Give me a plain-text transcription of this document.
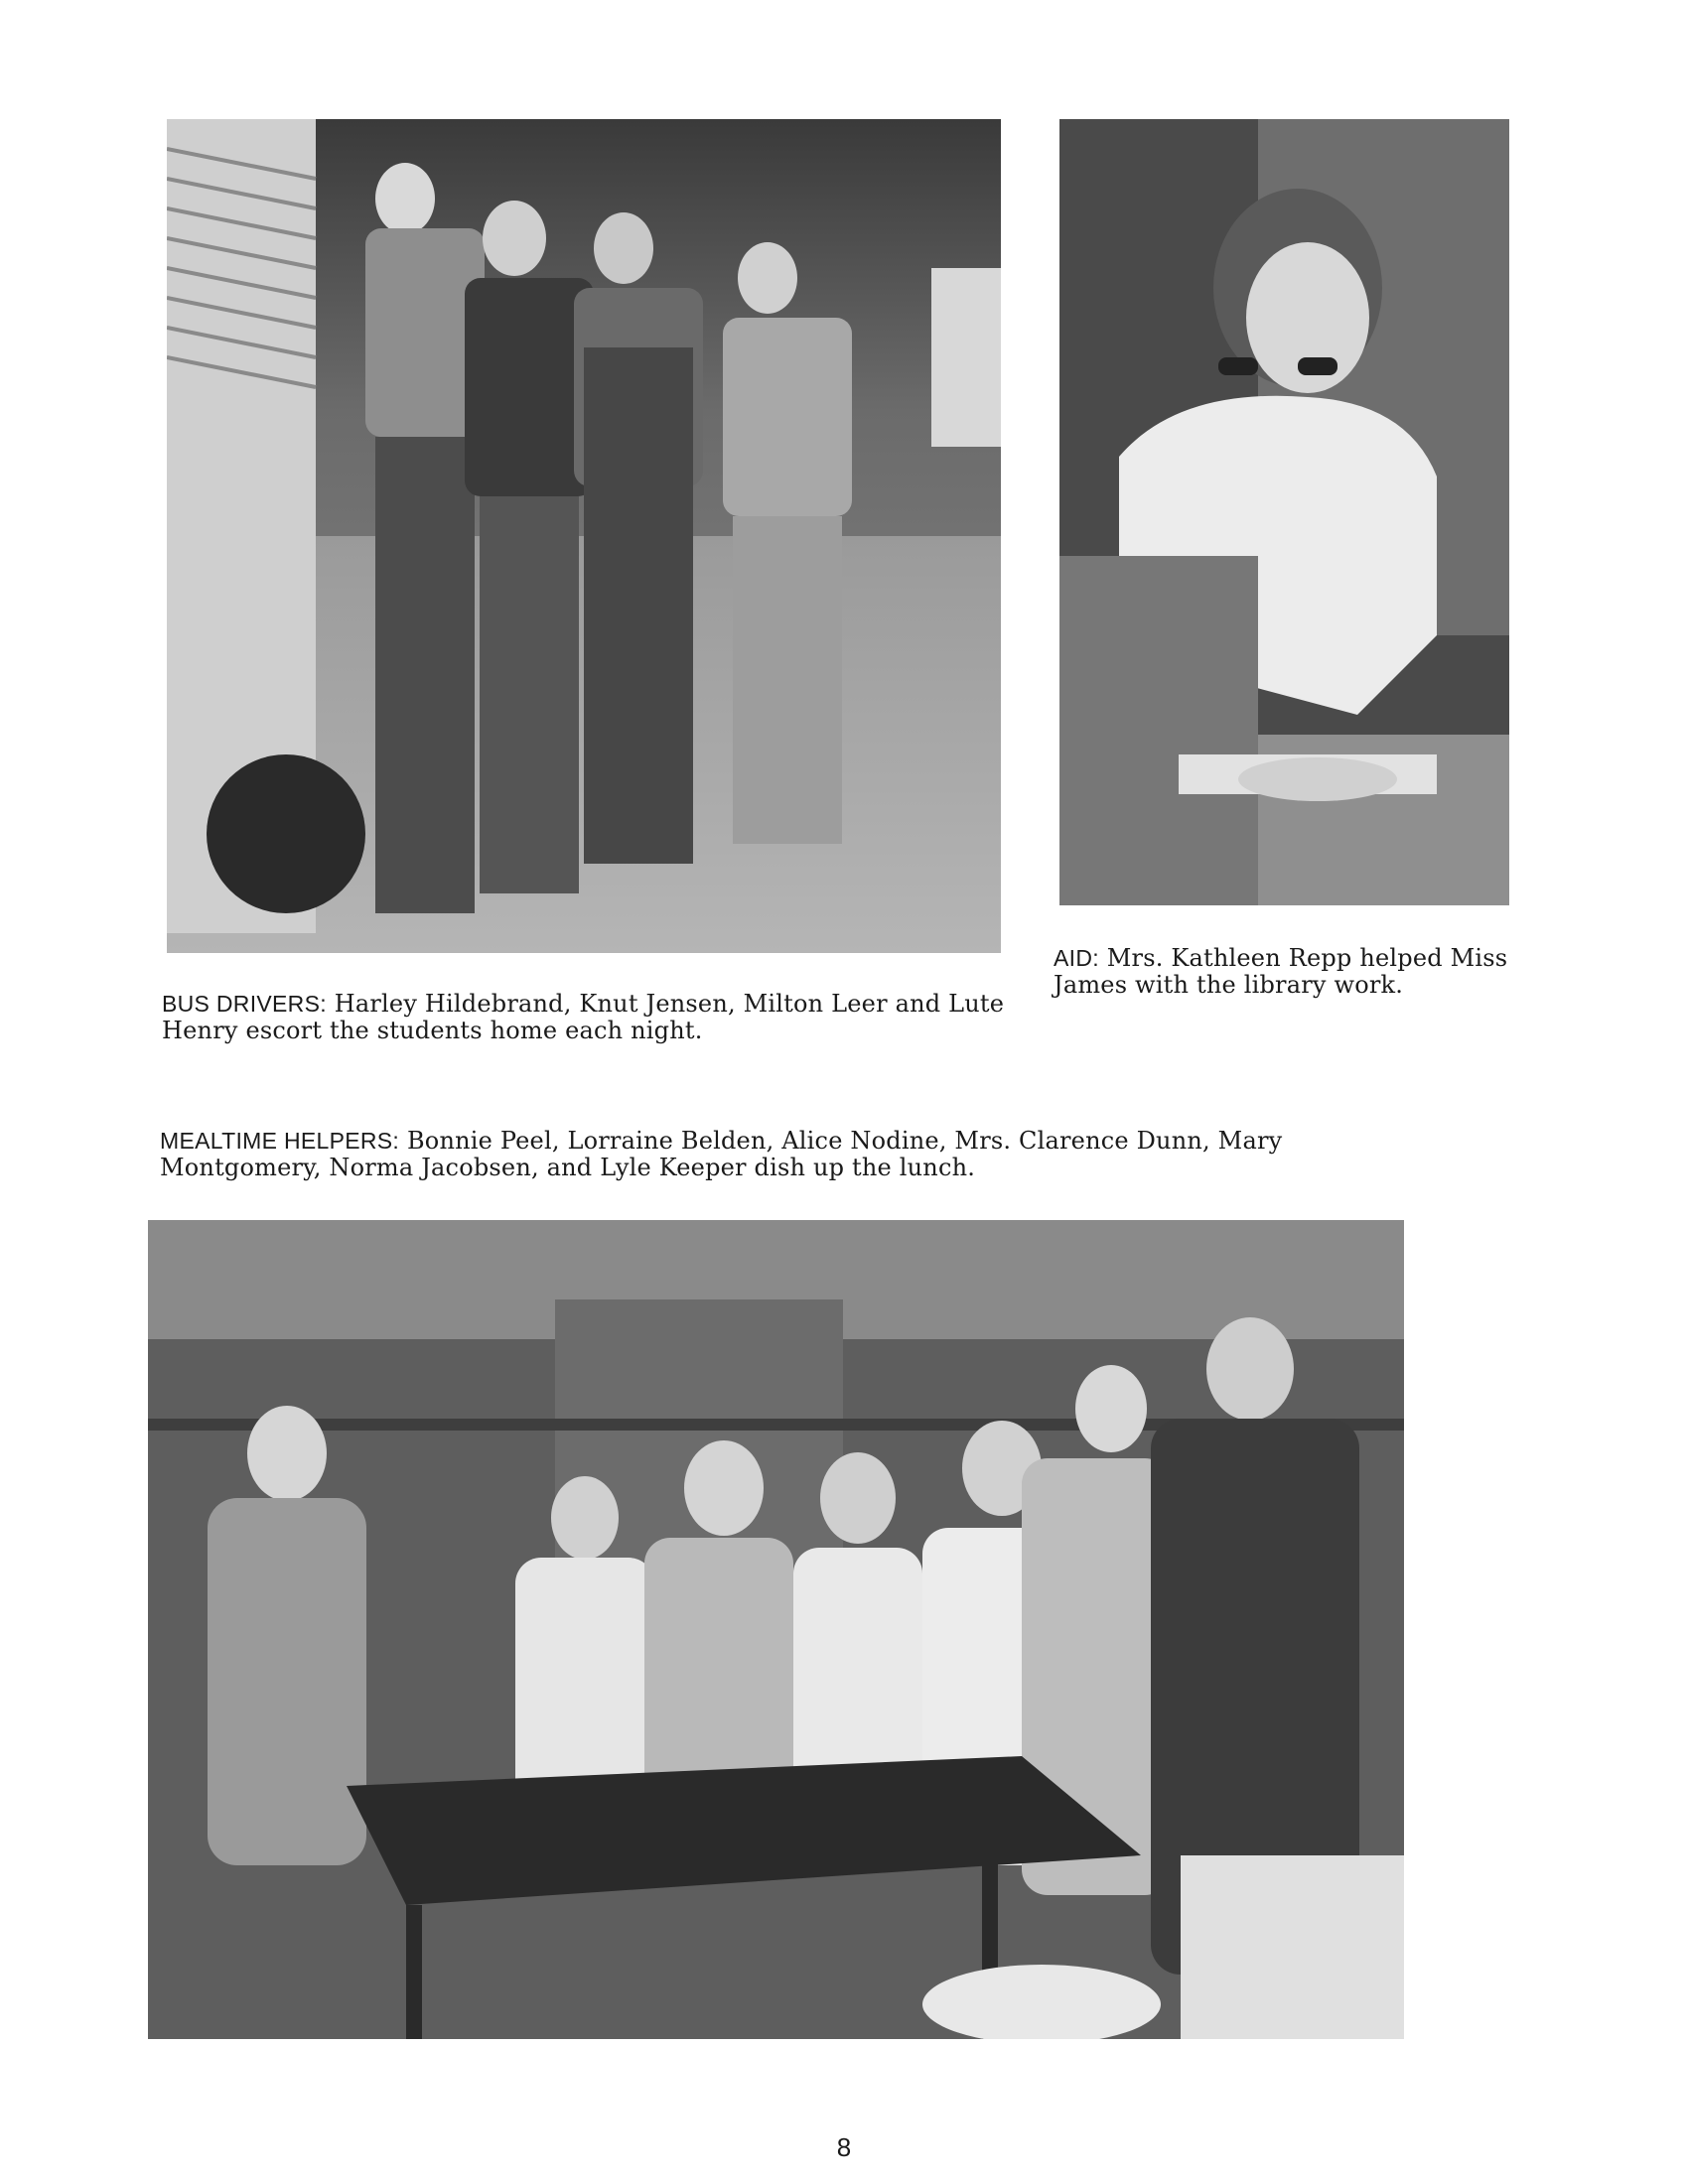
BUS DRIVERS: Harley Hildebrand, Knut Jensen, Milton Leer and Lute Henry escort the students home each night.

AID: Mrs. Kathleen Repp helped Miss James with the library work.

MEALTIME HELPERS: Bonnie Peel, Lorraine Belden, Alice Nodine, Mrs. Clarence Dunn, Mary Montgomery, Norma Jacobsen, and Lyle Keeper dish up the lunch.

8
